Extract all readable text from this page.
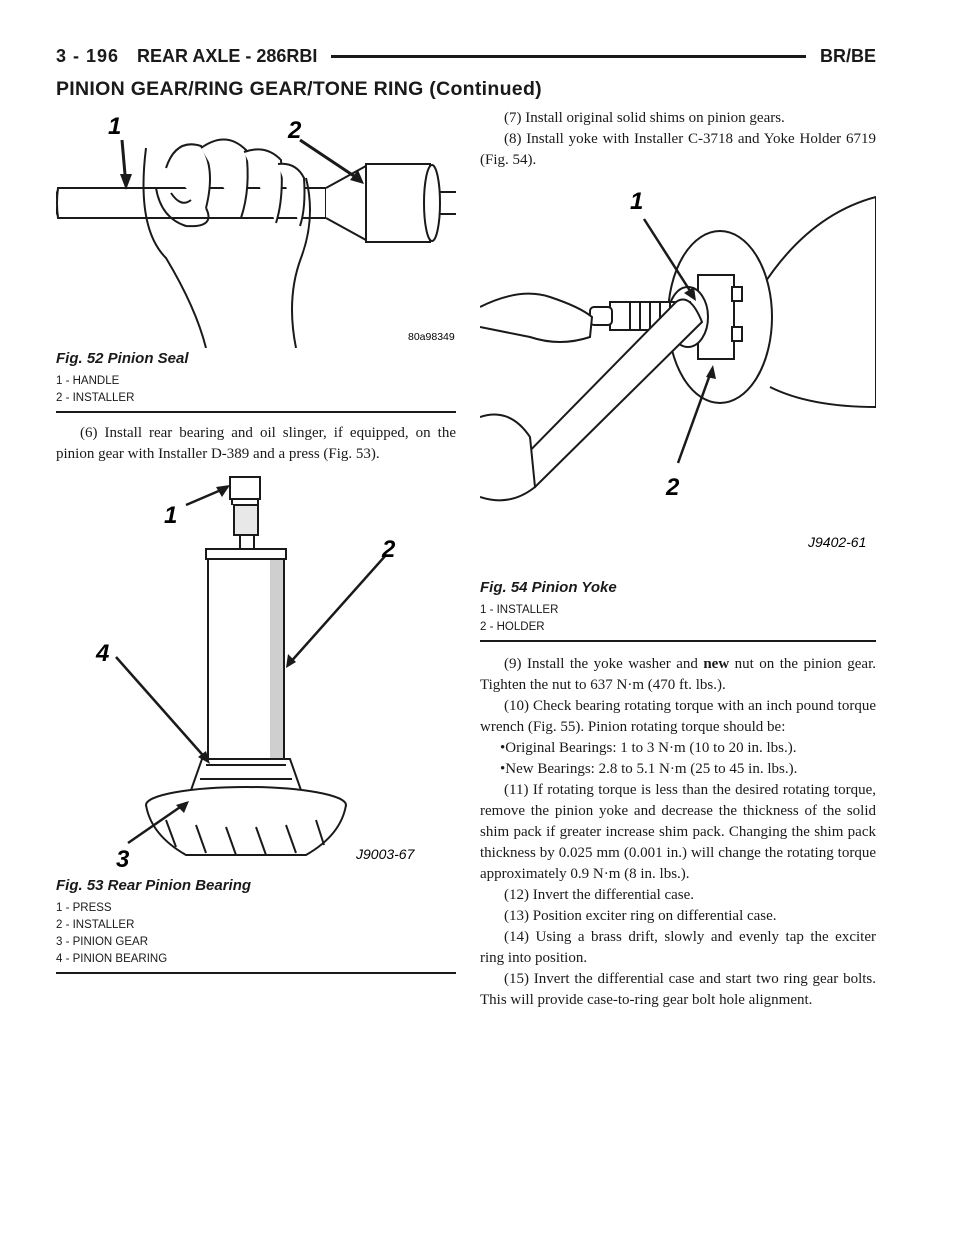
3 - 196 REAR AXLE - 286RBI	BR/BE
PINION GEAR/RING GEAR/TONE RING (Continued)
1	2
80a98349
Fig. 52 Pinion Seal
1 - HANDLE
2 - INSTALLER

(6) Install rear bearing and oil slinger, if equipped, on the pinion gear with Installer D-389 and a press (Fig. 53).

1
2
3
4
J9003-67
Fig. 53 Rear Pinion Bearing
1 - PRESS
2 - INSTALLER
3 - PINION GEAR
4 - PINION BEARING

(7) Install original solid shims on pinion gears.

(8) Install yoke with Installer C-3718 and Yoke Holder 6719 (Fig. 54).

1
2
J9402-61
Fig. 54 Pinion Yoke
1 - INSTALLER
2 - HOLDER

(9) Install the yoke washer and new nut on the pinion gear. Tighten the nut to 637 N·m (470 ft. lbs.).

(10) Check bearing rotating torque with an inch pound torque wrench (Fig. 55). Pinion rotating torque should be:

•Original Bearings: 1 to 3 N·m (10 to 20 in. lbs.).

•New Bearings: 2.8 to 5.1 N·m (25 to 45 in. lbs.).

(11) If rotating torque is less than the desired rotating torque, remove the pinion yoke and decrease the thickness of the solid shim pack if greater increase shim pack. Changing the shim pack thickness by 0.025 mm (0.001 in.) will change the rotating torque approximately 0.9 N·m (8 in. lbs.).

(12) Invert the differential case.

(13) Position exciter ring on differential case.

(14) Using a brass drift, slowly and evenly tap the exciter ring into position.

(15) Invert the differential case and start two ring gear bolts. This will provide case-to-ring gear bolt hole alignment.
